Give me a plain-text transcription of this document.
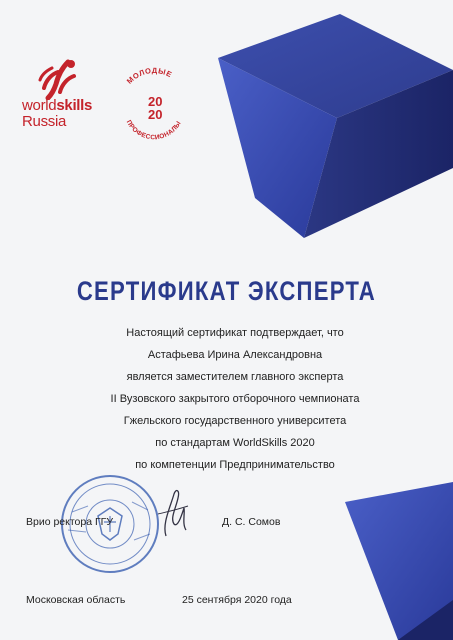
worldskills
Russia
МОЛОДЫЕ
ПРОФЕССИОНАЛЫ
20
20
СЕРТИФИКАТ ЭКСПЕРТА
Настоящий сертификат подтверждает, что
Астафьева Ирина Александровна
является заместителем главного эксперта
II Вузовского закрытого отборочного чемпионата
Гжельского государственного университета
по стандартам WorldSkills 2020
по компетенции Предпринимательство
Врио ректора ГГУ	Д. С. Сомов
Московская область	25 сентября 2020 года
